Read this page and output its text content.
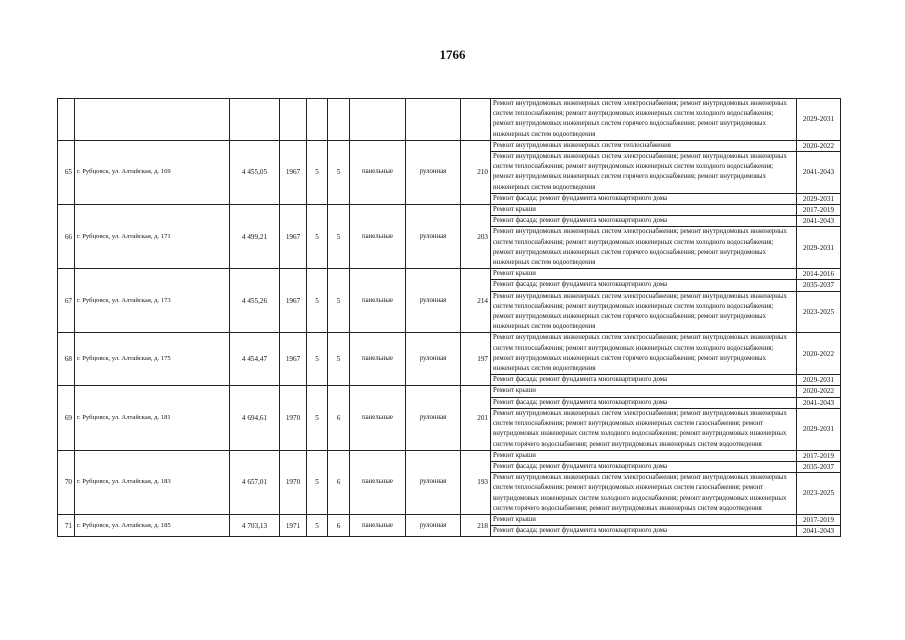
1766
									Ремонт внутридомовых инженерных систем электроснабжения; ремонт внутридомовых инженерных систем теплоснабжения; ремонт внутридомовых инженерных систем холодного водоснабжения; ремонт внутридомовых инженерных систем горячего водоснабжения; ремонт внутридомовых инженерных систем водоотведения	2029-2031
65	г. Рубцовск, ул. Алтайская, д. 169	4 455,05	1967	5	5	панельные	рулонная	210	Ремонт внутридомовых инженерных систем теплоснабжения	2020-2022
									Ремонт внутридомовых инженерных систем электроснабжения; ремонт внутридомовых инженерных систем теплоснабжения; ремонт внутридомовых инженерных систем холодного водоснабжения; ремонт внутридомовых инженерных систем горячего водоснабжения; ремонт внутридомовых инженерных систем водоотведения	2041-2043
									Ремонт фасада; ремонт фундамента многоквартирного дома	2029-2031
66	г. Рубцовск, ул. Алтайская, д. 171	4 499,21	1967	5	5	панельные	рулонная	203	Ремонт крыши	2017-2019
									Ремонт фасада; ремонт фундамента многоквартирного дома	2041-2043
									Ремонт внутридомовых инженерных систем электроснабжения; ремонт внутридомовых инженерных систем теплоснабжения; ремонт внутридомовых инженерных систем холодного водоснабжения; ремонт внутридомовых инженерных систем горячего водоснабжения; ремонт внутридомовых инженерных систем водоотведения	2029-2031
67	г. Рубцовск, ул. Алтайская, д. 173	4 455,26	1967	5	5	панельные	рулонная	214	Ремонт крыши	2014-2016
									Ремонт фасада; ремонт фундамента многоквартирного дома	2035-2037
									Ремонт внутридомовых инженерных систем электроснабжения; ремонт внутридомовых инженерных систем теплоснабжения; ремонт внутридомовых инженерных систем холодного водоснабжения; ремонт внутридомовых инженерных систем горячего водоснабжения; ремонт внутридомовых инженерных систем водоотведения	2023-2025
68	г. Рубцовск, ул. Алтайская, д. 175	4 454,47	1967	5	5	панельные	рулонная	197	Ремонт внутридомовых инженерных систем электроснабжения; ремонт внутридомовых инженерных систем теплоснабжения; ремонт внутридомовых инженерных систем холодного водоснабжения; ремонт внутридомовых инженерных систем горячего водоснабжения; ремонт внутридомовых инженерных систем водоотведения	2020-2022
									Ремонт фасада; ремонт фундамента многоквартирного дома	2029-2031
69	г. Рубцовск, ул. Алтайская, д. 181	4 694,61	1970	5	6	панельные	рулонная	201	Ремонт крыши	2020-2022
									Ремонт фасада; ремонт фундамента многоквартирного дома	2041-2043
									Ремонт внутридомовых инженерных систем электроснабжения; ремонт внутридомовых инженерных систем теплоснабжения; ремонт внутридомовых инженерных систем газоснабжения; ремонт внутридомовых инженерных систем холодного водоснабжения; ремонт внутридомовых инженерных систем горячего водоснабжения; ремонт внутридомовых инженерных систем водоотведения	2029-2031
70	г. Рубцовск, ул. Алтайская, д. 183	4 657,01	1970	5	6	панельные	рулонная	193	Ремонт крыши	2017-2019
									Ремонт фасада; ремонт фундамента многоквартирного дома	2035-2037
									Ремонт внутридомовых инженерных систем электроснабжения; ремонт внутридомовых инженерных систем теплоснабжения; ремонт внутридомовых инженерных систем газоснабжения; ремонт внутридомовых инженерных систем холодного водоснабжения; ремонт внутридомовых инженерных систем горячего водоснабжения; ремонт внутридомовых инженерных систем водоотведения	2023-2025
71	г. Рубцовск, ул. Алтайская, д. 185	4 703,13	1971	5	6	панельные	рулонная	218	Ремонт крыши	2017-2019
									Ремонт фасада; ремонт фундамента многоквартирного дома	2041-2043
